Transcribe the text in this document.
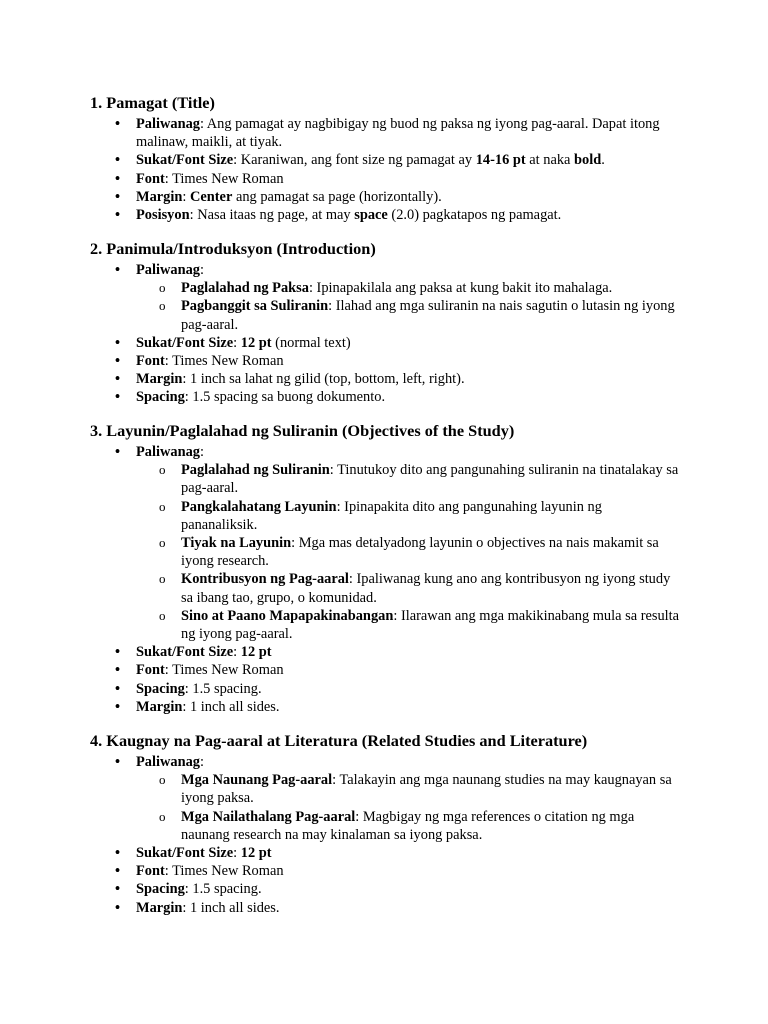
1. Pamagat (Title)
• Paliwanag: Ang pamagat ay nagbibigay ng buod ng paksa ng iyong pag-aaral. Dapat itong malinaw, maikli, at tiyak.
• Sukat/Font Size: Karaniwan, ang font size ng pamagat ay 14-16 pt at naka bold.
• Font: Times New Roman
• Margin: Center ang pamagat sa page (horizontally).
• Posisyon: Nasa itaas ng page, at may space (2.0) pagkatapos ng pamagat.
2. Panimula/Introduksyon (Introduction)
• Paliwanag:
o Paglalahad ng Paksa: Ipinapakilala ang paksa at kung bakit ito mahalaga.
o Pagbanggit sa Suliranin: Ilahad ang mga suliranin na nais sagutin o lutasin ng iyong pag-aaral.
• Sukat/Font Size: 12 pt (normal text)
• Font: Times New Roman
• Margin: 1 inch sa lahat ng gilid (top, bottom, left, right).
• Spacing: 1.5 spacing sa buong dokumento.
3. Layunin/Paglalahad ng Suliranin (Objectives of the Study)
• Paliwanag:
o Paglalahad ng Suliranin: Tinutukoy dito ang pangunahing suliranin na tinatalakay sa pag-aaral.
o Pangkalahatang Layunin: Ipinapakita dito ang pangunahing layunin ng pananaliksik.
o Tiyak na Layunin: Mga mas detalyadong layunin o objectives na nais makamit sa iyong research.
o Kontribusyon ng Pag-aaral: Ipaliwanag kung ano ang kontribusyon ng iyong study sa ibang tao, grupo, o komunidad.
o Sino at Paano Mapapakinabangan: Ilarawan ang mga makikinabang mula sa resulta ng iyong pag-aaral.
• Sukat/Font Size: 12 pt
• Font: Times New Roman
• Spacing: 1.5 spacing.
• Margin: 1 inch all sides.
4. Kaugnay na Pag-aaral at Literatura (Related Studies and Literature)
• Paliwanag:
o Mga Naunang Pag-aaral: Talakayin ang mga naunang studies na may kaugnayan sa iyong paksa.
o Mga Nailathalang Pag-aaral: Magbigay ng mga references o citation ng mga naunang research na may kinalaman sa iyong paksa.
• Sukat/Font Size: 12 pt
• Font: Times New Roman
• Spacing: 1.5 spacing.
• Margin: 1 inch all sides.
